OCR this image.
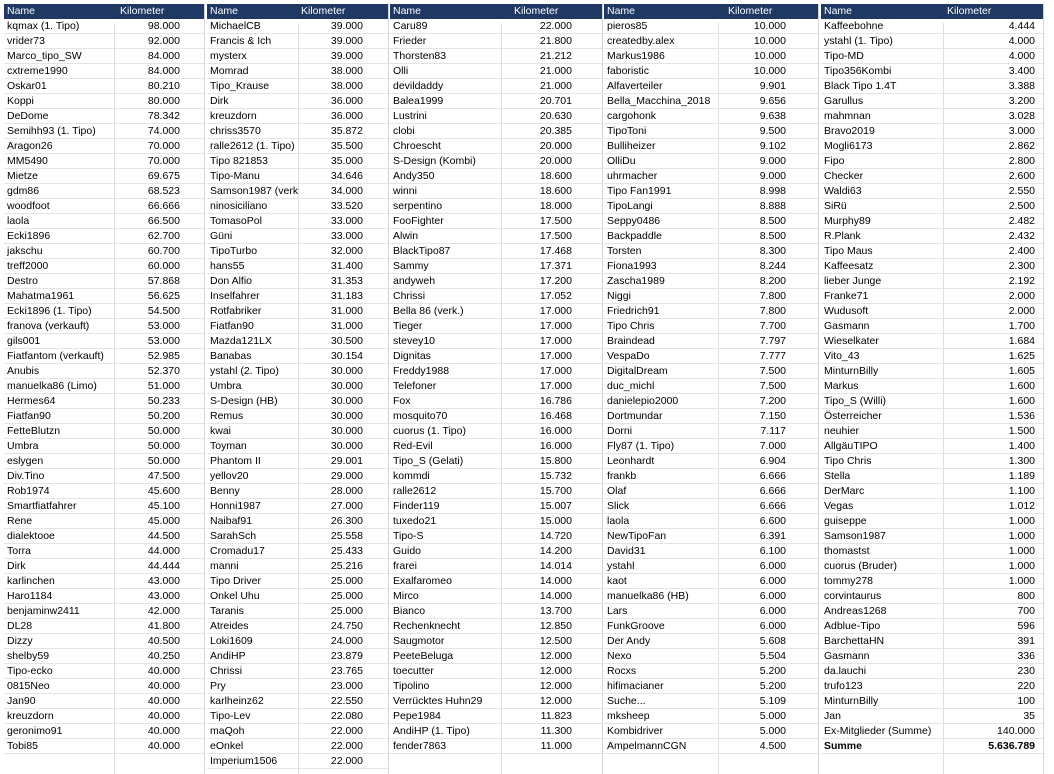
Name	Kilometer
kqmax (1. Tipo)	98.000
vrider73	92.000
Marco_tipo_SW	84.000
cxtreme1990	84.000
Oskar01	80.210
Koppi	80.000
DeDome	78.342
Semihh93 (1. Tipo)	74.000
Aragon26	70.000
MM5490	70.000
Mietze	69.675
gdm86	68.523
woodfoot	66.666
laola	66.500
Ecki1896	62.700
jakschu	60.700
treff2000	60.000
Destro	57.868
Mahatma1961	56.625
Ecki1896 (1. Tipo)	54.500
franova (verkauft)	53.000
gils001	53.000
Fiatfantom (verkauft)	52.985
Anubis	52.370
manuelka86 (Limo)	51.000
Hermes64	50.233
Fiatfan90	50.200
FetteBlutzn	50.000
Umbra	50.000
eslygen	50.000
Div.Tino	47.500
Rob1974	45.600
Smartfiatfahrer	45.100
Rene	45.000
dialektooe	44.500
Torra	44.000
Dirk	44.444
karlinchen	43.000
Haro1184	43.000
benjaminw2411	42.000
DL28	41.800
Dizzy	40.500
shelby59	40.250
Tipo-ecko	40.000
0815Neo	40.000
Jan90	40.000
kreuzdorn	40.000
geronimo91	40.000
Tobi85	40.000
Name	Kilometer
MichaelCB	39.000
Francis & Ich	39.000
mysterx	39.000
Momrad	38.000
Tipo_Krause	38.000
Dirk	36.000
kreuzdorn	36.000
chriss3570	35.872
ralle2612 (1. Tipo)	35.500
Tipo 821853	35.000
Tipo-Manu	34.646
Samson1987 (verk	34.000
ninosiciliano	33.520
TomasoPol	33.000
Güni	33.000
TipoTurbo	32.000
hans55	31.400
Don Alfio	31.353
Inselfahrer	31.183
Rotfabriker	31.000
Fiatfan90	31.000
Mazda121LX	30.500
Banabas	30.154
ystahl (2. Tipo)	30.000
Umbra	30.000
S-Design (HB)	30.000
Remus	30.000
kwai	30.000
Toyman	30.000
Phantom II	29.001
yellov20	29.000
Benny	28.000
Honni1987	27.000
Naibaf91	26.300
SarahSch	25.558
Cromadu17	25.433
manni	25.216
Tipo Driver	25.000
Onkel Uhu	25.000
Taranis	25.000
Atreides	24.750
Loki1609	24.000
AndiHP	23.879
Chrissi	23.765
Pry	23.000
karlheinz62	22.550
Tipo-Lev	22.080
maQoh	22.000
eOnkel	22.000
Imperium1506	22.000
Name	Kilometer
Caru89	22.000
Frieder	21.800
Thorsten83	21.212
Olli	21.000
devildaddy	21.000
Balea1999	20.701
Lustrini	20.630
clobi	20.385
Chroescht	20.000
S-Design (Kombi)	20.000
Andy350	18.600
winni	18.600
serpentino	18.000
FooFighter	17.500
Alwin	17.500
BlackTipo87	17.468
Sammy	17.371
andyweh	17.200
Chrissi	17.052
Bella 86 (verk.)	17.000
Tieger	17.000
stevey10	17.000
Dignitas	17.000
Freddy1988	17.000
Telefoner	17.000
Fox	16.786
mosquito70	16.468
cuorus (1. Tipo)	16.000
Red-Evil	16.000
Tipo_S (Gelati)	15.800
kommdi	15.732
ralle2612	15.700
Finder119	15.007
tuxedo21	15.000
Tipo-S	14.720
Guido	14.200
frarei	14.014
Exalfaromeo	14.000
Mirco	14.000
Bianco	13.700
Rechenknecht	12.850
Saugmotor	12.500
PeeteBeluga	12.000
toecutter	12.000
Tipolino	12.000
Verrücktes Huhn29	12.000
Pepe1984	11.823
AndiHP (1. Tipo)	11.300
fender7863	11.000
Name	Kilometer
pieros85	10.000
createdby.alex	10.000
Markus1986	10.000
faboristic	10.000
Alfaverteiler	9.901
Bella_Macchina_2018	9.656
cargohonk	9.638
TipoToni	9.500
Bulliheizer	9.102
OlliDu	9.000
uhrmacher	9.000
Tipo Fan1991	8.998
TipoLangi	8.888
Seppy0486	8.500
Backpaddle	8.500
Torsten	8.300
Fiona1993	8.244
Zascha1989	8.200
Niggi	7.800
Friedrich91	7.800
Tipo Chris	7.700
Braindead	7.797
VespaDo	7.777
DigitalDream	7.500
duc_michl	7.500
danielepio2000	7.200
Dortmundar	7.150
Dorni	7.117
Fly87 (1. Tipo)	7.000
Leonhardt	6.904
frankb	6.666
Olaf	6.666
Slick	6.666
laola	6.600
NewTipoFan	6.391
David31	6.100
ystahl	6.000
kaot	6.000
manuelka86 (HB)	6.000
Lars	6.000
FunkGroove	6.000
Der Andy	5.608
Nexo	5.504
Rocxs	5.200
hifimacianer	5.200
Suche...	5.109
mksheep	5.000
Kombidriver	5.000
AmpelmannCGN	4.500
Name	Kilometer
Kaffeebohne	4.444
ystahl (1. Tipo)	4.000
Tipo-MD	4.000
Tipo356Kombi	3.400
Black Tipo 1.4T	3.388
Garullus	3.200
mahmnan	3.028
Bravo2019	3.000
Mogli6173	2.862
Fipo	2.800
Checker	2.600
Waldi63	2.550
SiRü	2.500
Murphy89	2.482
R.Plank	2.432
Tipo Maus	2.400
Kaffeesatz	2.300
lieber Junge	2.192
Franke71	2.000
Wudusoft	2.000
Gasmann	1.700
Wieselkater	1.684
Vito_43	1.625
MinturnBilly	1.605
Markus	1.600
Tipo_S (Willi)	1.600
Österreicher	1.536
neuhier	1.500
AllgäuTIPO	1.400
Tipo Chris	1.300
Stella	1.189
DerMarc	1.100
Vegas	1.012
guiseppe	1.000
Samson1987	1.000
thomastst	1.000
cuorus (Bruder)	1.000
tommy278	1.000
corvintaurus	800
Andreas1268	700
Adblue-Tipo	596
BarchettaHN	391
Gasmann	336
da.lauchi	230
trufo123	220
MinturnBilly	100
Jan	35
Ex-Mitglieder (Summe)	140.000
Summe	5.636.789
